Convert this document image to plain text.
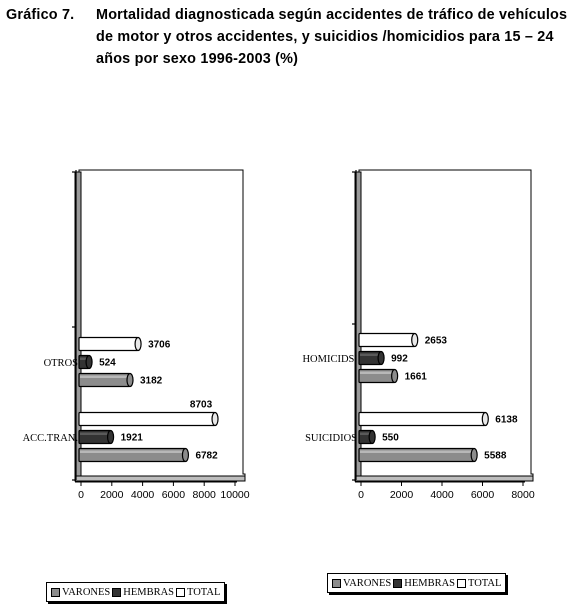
Gráfico 7. Mortalidad diagnosticada según accidentes de tráfico de vehículos de motor y otros accidentes, y suicidios /homicidios para 15 – 24 años por sexo 1996-2003 (%)
0 2000 4000 6000 8000 10000
ACC.TRAN.
6782
1921
8703
OTROS
3182
524
3706
0 2000 4000 6000 8000
SUICIDIOS
5588
550
6138
HOMICIDS.
1661
992
2653
VARONES HEMBRAS TOTAL
VARONES HEMBRAS TOTAL
